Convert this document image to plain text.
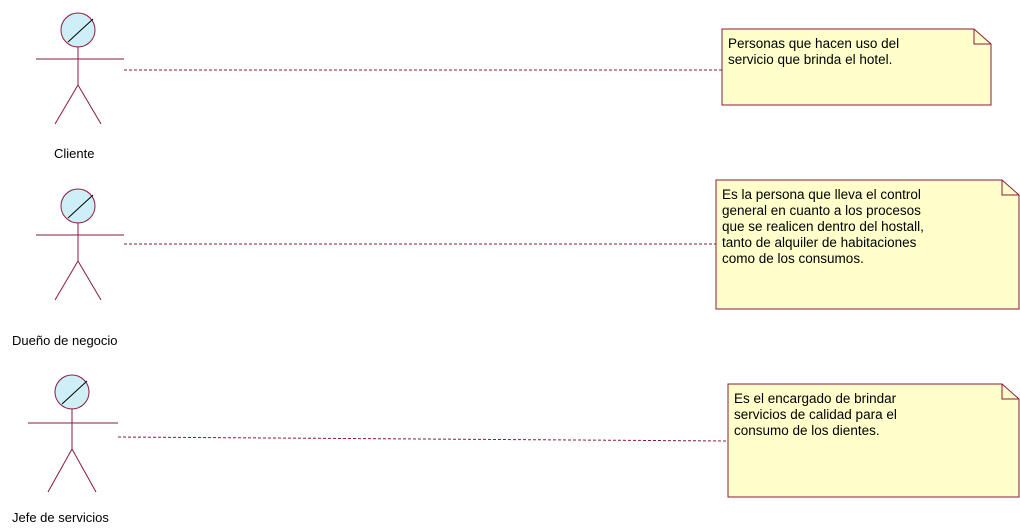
Cliente
Dueño de negocio
Jefe de servicios
Personas que hacen uso del
servicio que brinda el hotel.
Es la persona que lleva el control
general en cuanto a los procesos
que se realicen dentro del hostall,
tanto de alquiler de habitaciones
como de los consumos.
Es el encargado de brindar
servicios de calidad para el
consumo de los dientes.
